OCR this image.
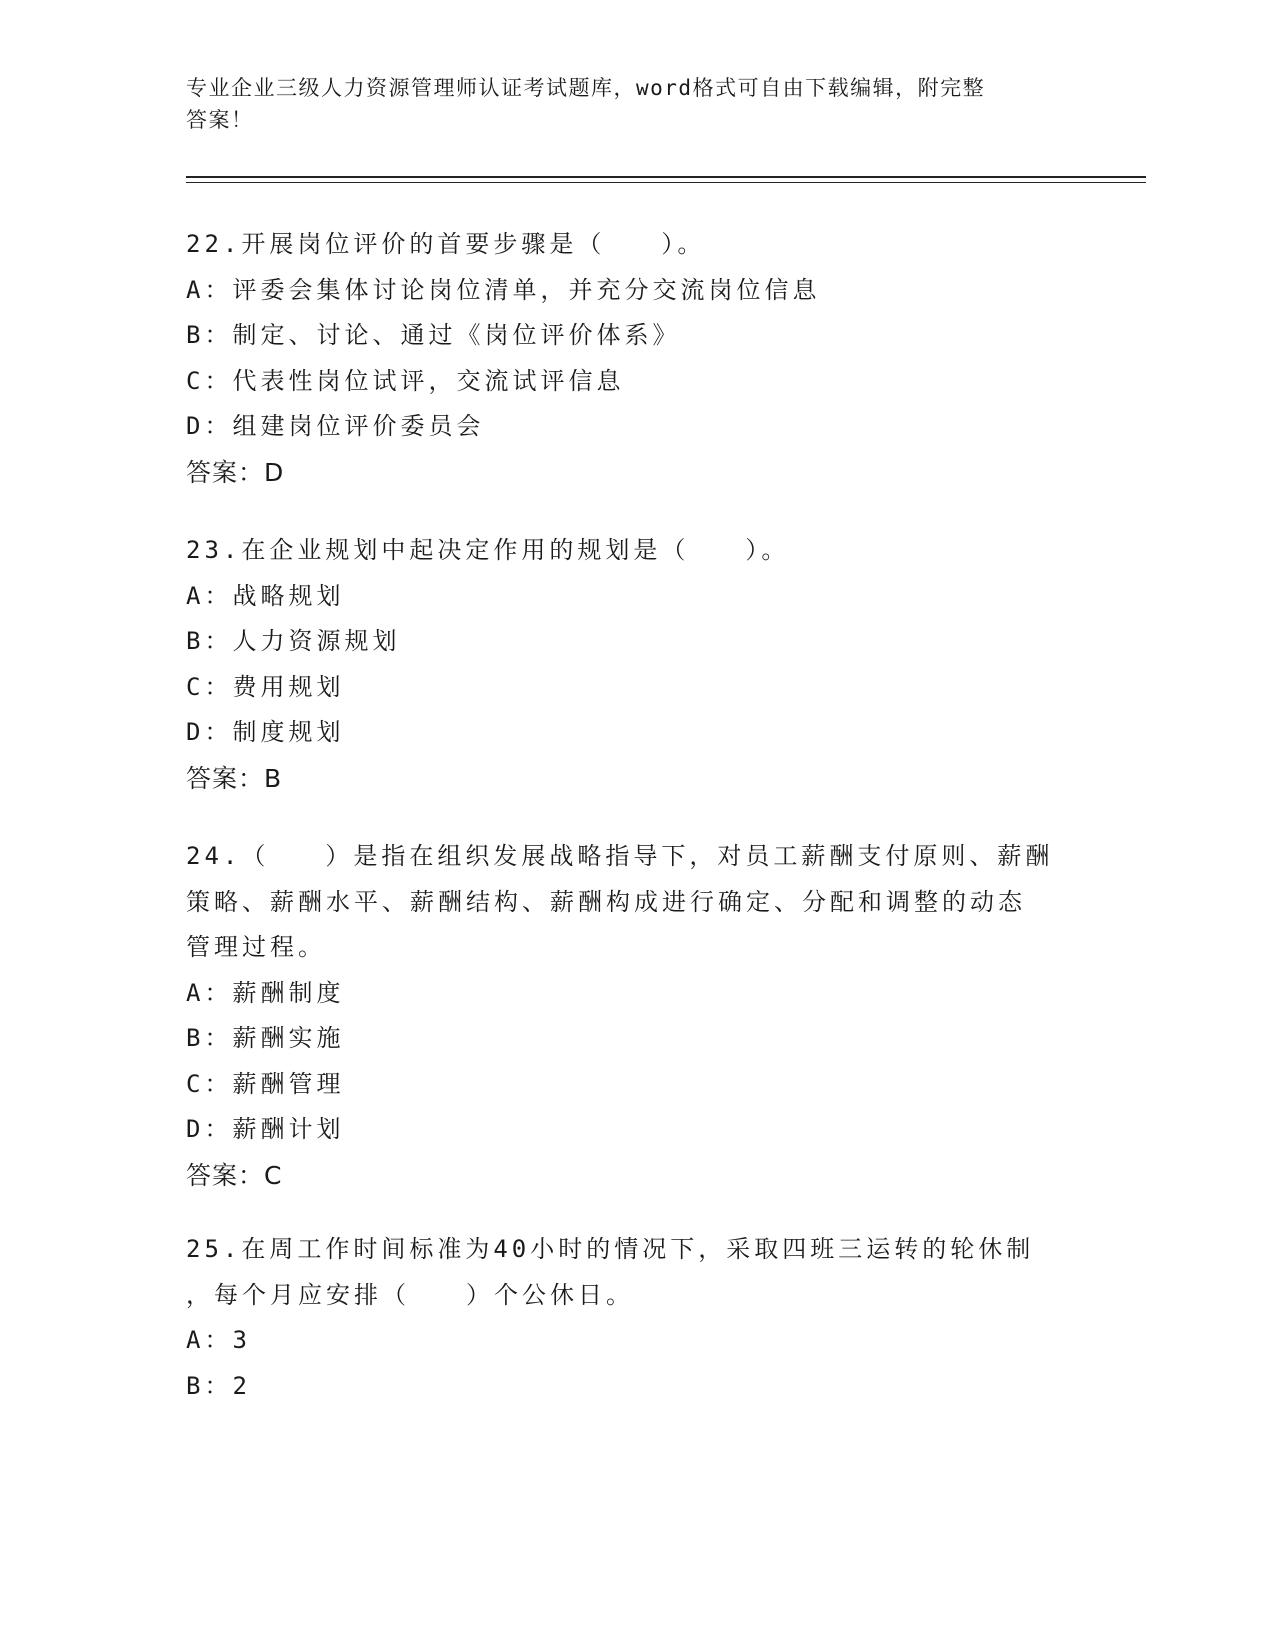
专业企业三级人力资源管理师认证考试题库，word格式可自由下载编辑，附完整
答案！
22.开展岗位评价的首要步骤是（　　）。
A：评委会集体讨论岗位清单，并充分交流岗位信息
B：制定、讨论、通过《岗位评价体系》
C：代表性岗位试评，交流试评信息
D：组建岗位评价委员会
答案：D
23.在企业规划中起决定作用的规划是（　　）。
A：战略规划
B：人力资源规划
C：费用规划
D：制度规划
答案：B
24.（　　）是指在组织发展战略指导下，对员工薪酬支付原则、薪酬
策略、薪酬水平、薪酬结构、薪酬构成进行确定、分配和调整的动态
管理过程。
A：薪酬制度
B：薪酬实施
C：薪酬管理
D：薪酬计划
答案：C
25.在周工作时间标准为40小时的情况下，采取四班三运转的轮休制
，每个月应安排（　　）个公休日。
A：3
B：2
